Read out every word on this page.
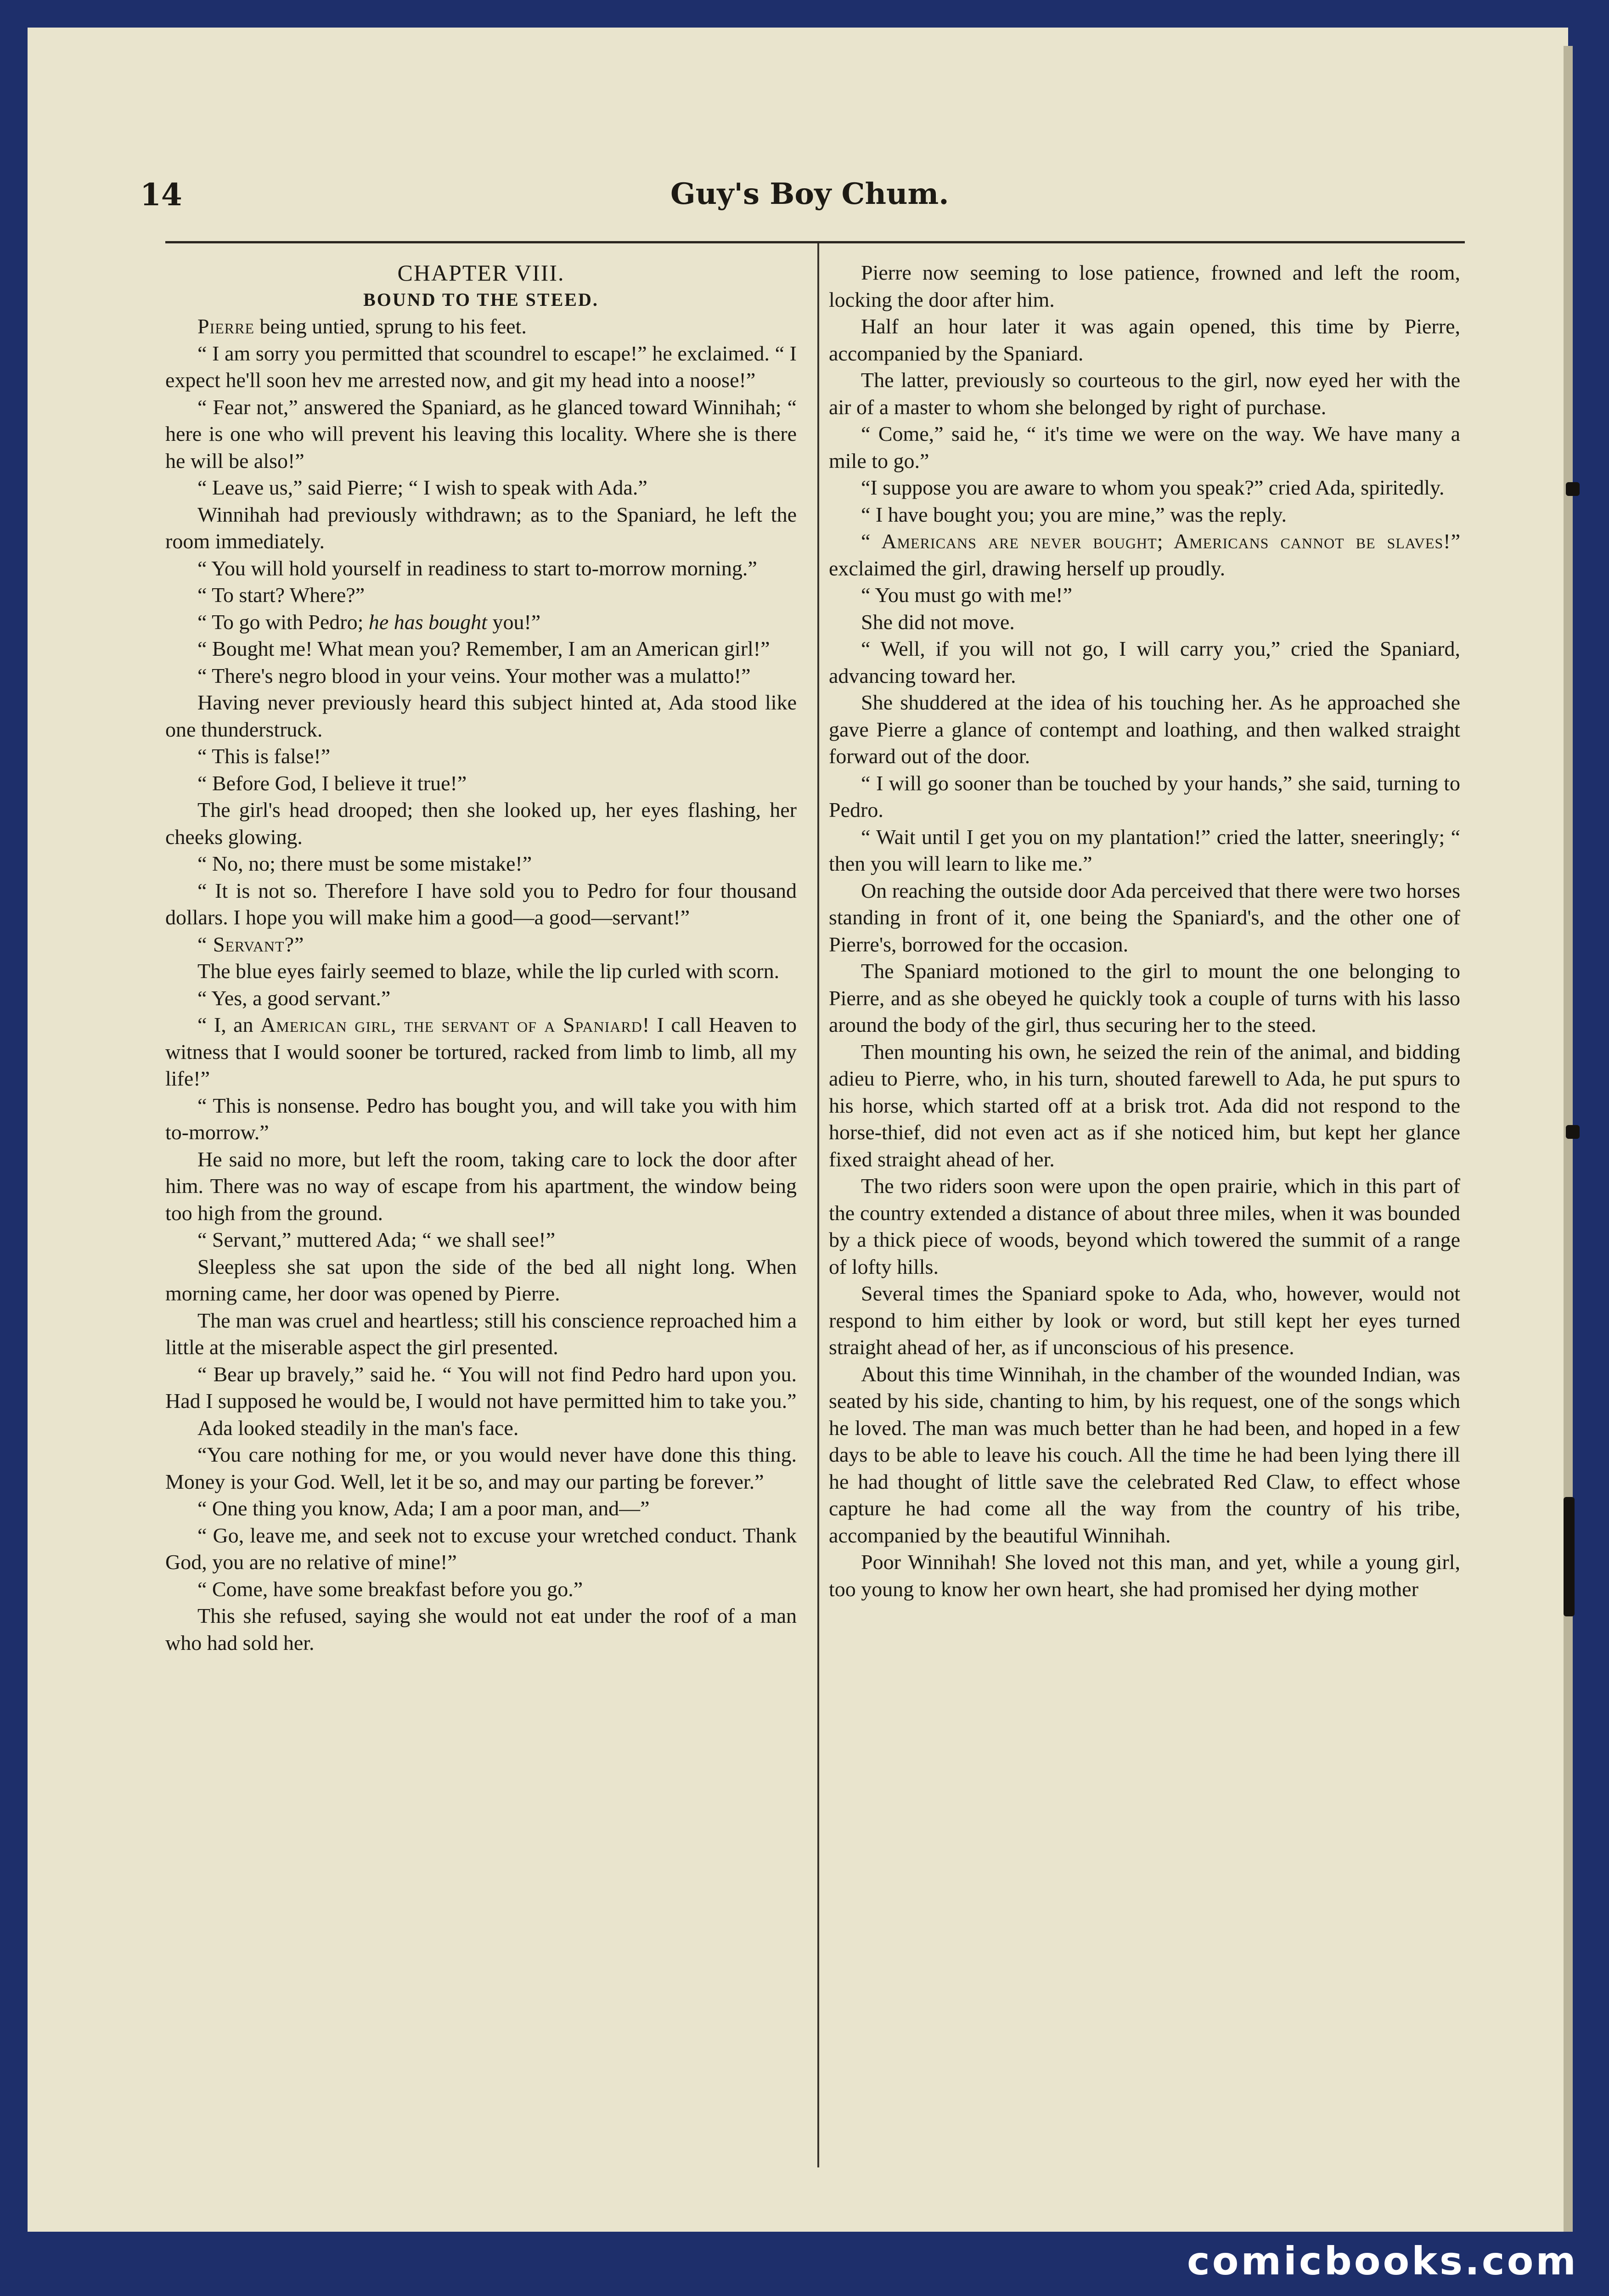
14	Guy's Boy Chum.

CHAPTER VIII.

BOUND TO THE STEED.

Pierre being untied, sprung to his feet.

“ I am sorry you permitted that scoundrel to escape!” he exclaimed. “ I expect he'll soon hev me arrested now, and git my head into a noose!”

“ Fear not,” answered the Spaniard, as he glanced toward Winnihah; “ here is one who will prevent his leaving this locality. Where she is there he will be also!”

“ Leave us,” said Pierre; “ I wish to speak with Ada.”

Winnihah had previously withdrawn; as to the Spaniard, he left the room immediately.

“ You will hold yourself in readiness to start to-morrow morning.”

“ To start? Where?”

“ To go with Pedro; he has bought you!”

“ Bought me! What mean you? Remember, I am an American girl!”

“ There's negro blood in your veins. Your mother was a mulatto!”

Having never previously heard this subject hinted at, Ada stood like one thunderstruck.

“ This is false!”

“ Before God, I believe it true!”

The girl's head drooped; then she looked up, her eyes flashing, her cheeks glowing.

“ No, no; there must be some mistake!”

“ It is not so. Therefore I have sold you to Pedro for four thousand dollars. I hope you will make him a good—a good—servant!”

“ Servant?”

The blue eyes fairly seemed to blaze, while the lip curled with scorn.

“ Yes, a good servant.”

“ I, an American girl, the servant of a Spaniard! I call Heaven to witness that I would sooner be tortured, racked from limb to limb, all my life!”

“ This is nonsense. Pedro has bought you, and will take you with him to-morrow.”

He said no more, but left the room, taking care to lock the door after him. There was no way of escape from his apartment, the window being too high from the ground.

“ Servant,” muttered Ada; “ we shall see!”

Sleepless she sat upon the side of the bed all night long. When morning came, her door was opened by Pierre.

The man was cruel and heartless; still his conscience reproached him a little at the miserable aspect the girl presented.

“ Bear up bravely,” said he. “ You will not find Pedro hard upon you. Had I supposed he would be, I would not have permitted him to take you.”

Ada looked steadily in the man's face.

“You care nothing for me, or you would never have done this thing. Money is your God. Well, let it be so, and may our parting be forever.”

“ One thing you know, Ada; I am a poor man, and—”

“ Go, leave me, and seek not to excuse your wretched conduct. Thank God, you are no relative of mine!”

“ Come, have some breakfast before you go.”

This she refused, saying she would not eat under the roof of a man who had sold her.

Pierre now seeming to lose patience, frowned and left the room, locking the door after him.

Half an hour later it was again opened, this time by Pierre, accompanied by the Spaniard.

The latter, previously so courteous to the girl, now eyed her with the air of a master to whom she belonged by right of purchase.

“ Come,” said he, “ it's time we were on the way. We have many a mile to go.”

“I suppose you are aware to whom you speak?” cried Ada, spiritedly.

“ I have bought you; you are mine,” was the reply.

“ Americans are never bought; Americans cannot be slaves!” exclaimed the girl, drawing herself up proudly.

“ You must go with me!”

She did not move.

“ Well, if you will not go, I will carry you,” cried the Spaniard, advancing toward her.

She shuddered at the idea of his touching her. As he approached she gave Pierre a glance of contempt and loathing, and then walked straight forward out of the door.

“ I will go sooner than be touched by your hands,” she said, turning to Pedro.

“ Wait until I get you on my plantation!” cried the latter, sneeringly; “ then you will learn to like me.”

On reaching the outside door Ada perceived that there were two horses standing in front of it, one being the Spaniard's, and the other one of Pierre's, borrowed for the occasion.

The Spaniard motioned to the girl to mount the one belonging to Pierre, and as she obeyed he quickly took a couple of turns with his lasso around the body of the girl, thus securing her to the steed.

Then mounting his own, he seized the rein of the animal, and bidding adieu to Pierre, who, in his turn, shouted farewell to Ada, he put spurs to his horse, which started off at a brisk trot. Ada did not respond to the horse-thief, did not even act as if she noticed him, but kept her glance fixed straight ahead of her.

The two riders soon were upon the open prairie, which in this part of the country extended a distance of about three miles, when it was bounded by a thick piece of woods, beyond which towered the summit of a range of lofty hills.

Several times the Spaniard spoke to Ada, who, however, would not respond to him either by look or word, but still kept her eyes turned straight ahead of her, as if unconscious of his presence.

About this time Winnihah, in the chamber of the wounded Indian, was seated by his side, chanting to him, by his request, one of the songs which he loved. The man was much better than he had been, and hoped in a few days to be able to leave his couch. All the time he had been lying there ill he had thought of little save the celebrated Red Claw, to effect whose capture he had come all the way from the country of his tribe, accompanied by the beautiful Winnihah.

Poor Winnihah! She loved not this man, and yet, while a young girl, too young to know her own heart, she had promised her dying mother

comicbooks.com
